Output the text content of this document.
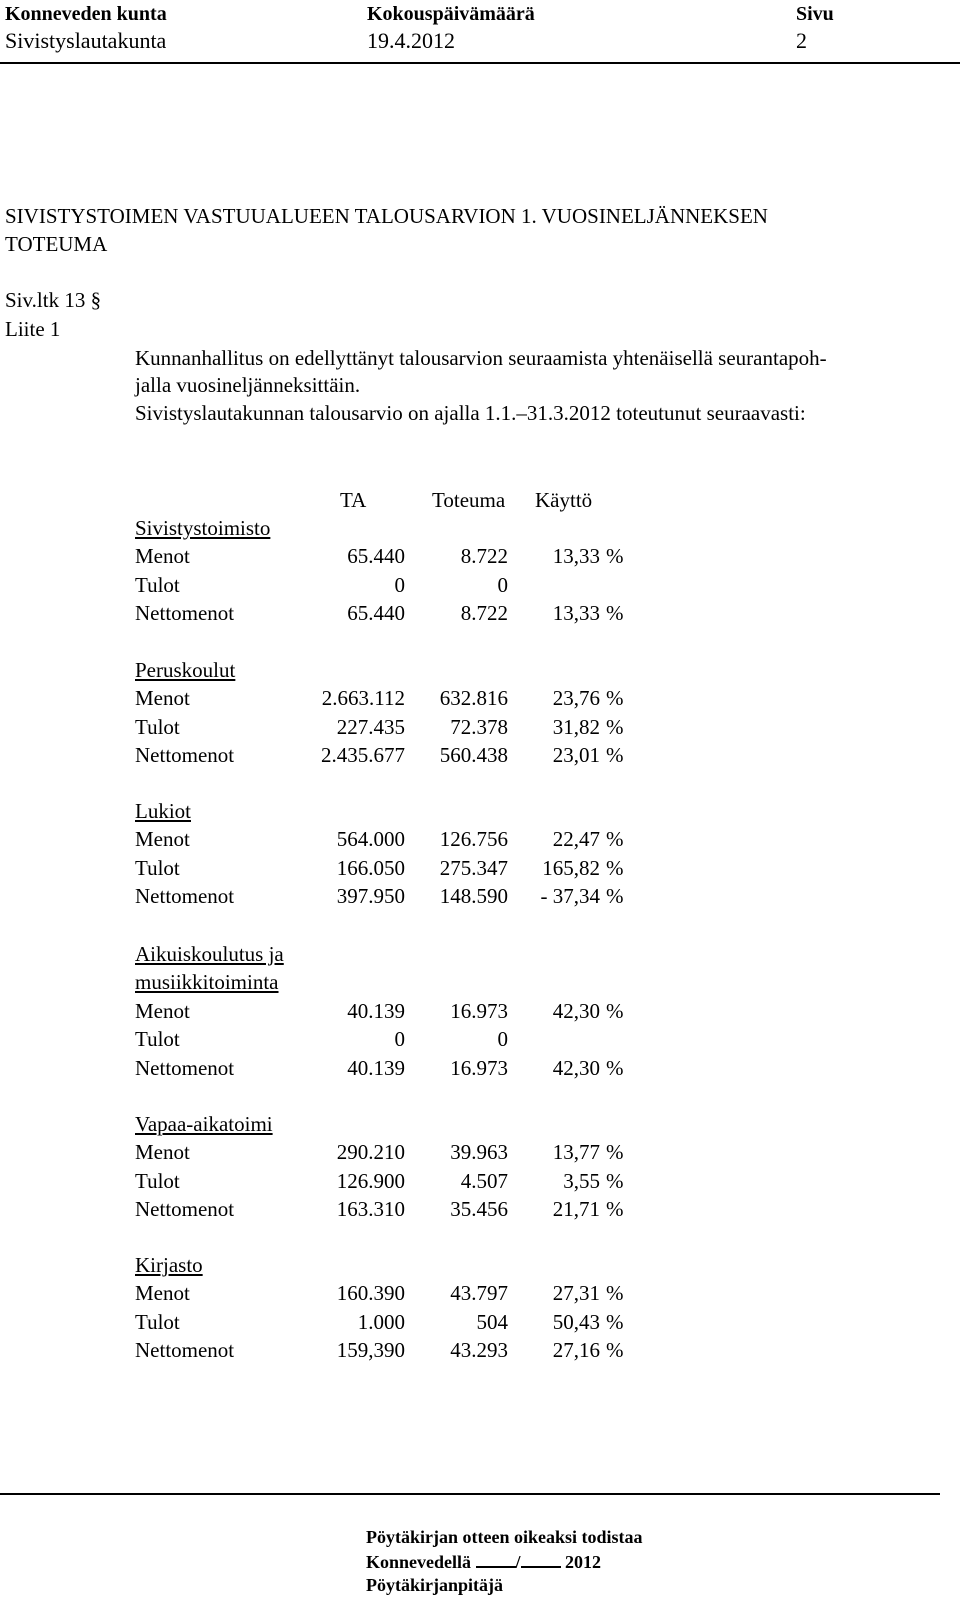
Konneveden kunta	Kokouspäivämäärä	Sivu
Sivistyslautakunta	19.4.2012	2
SIVISTYSTOIMEN VASTUUALUEEN TALOUSARVION 1. VUOSINELJÄNNEKSEN
TOTEUMA
Siv.ltk 13 §
Liite 1
Kunnanhallitus on edellyttänyt talousarvion seuraamista yhtenäisellä seurantapoh-
jalla vuosineljänneksittäin.
Sivistyslautakunnan talousarvio on ajalla 1.1.–31.3.2012 toteutunut seuraavasti:
TA	Toteuma Käyttö
Sivistystoimisto
Menot	65.440	8.722 13,33 %
Tulot	0	0
Nettomenot	65.440	8.722 13,33 %
Peruskoulut
Menot	2.663.112 632.816 23,76 %
Tulot	227.435 72.378 31,82 %
Nettomenot	2.435.677 560.438 23,01 %
Lukiot
Menot	564.000 126.756 22,47 %
Tulot	166.050 275.347 165,82 %
Nettomenot	397.950 148.590 - 37,34 %
Aikuiskoulutus ja
musiikkitoiminta
Menot	40.139 16.973 42,30 %
Tulot	0	0
Nettomenot	40.139 16.973 42,30 %
Vapaa-aikatoimi
Menot	290.210 39.963 13,77 %
Tulot	126.900	4.507	3,55 %
Nettomenot	163.310 35.456 21,71 %
Kirjasto
Menot	160.390 43.797 27,31 %
Tulot	1.000	504 50,43 %
Nettomenot	159,390 43.293 27,16 %
Pöytäkirjan otteen oikeaksi todistaa
Konnevedellä / 2012
Pöytäkirjanpitäjä
